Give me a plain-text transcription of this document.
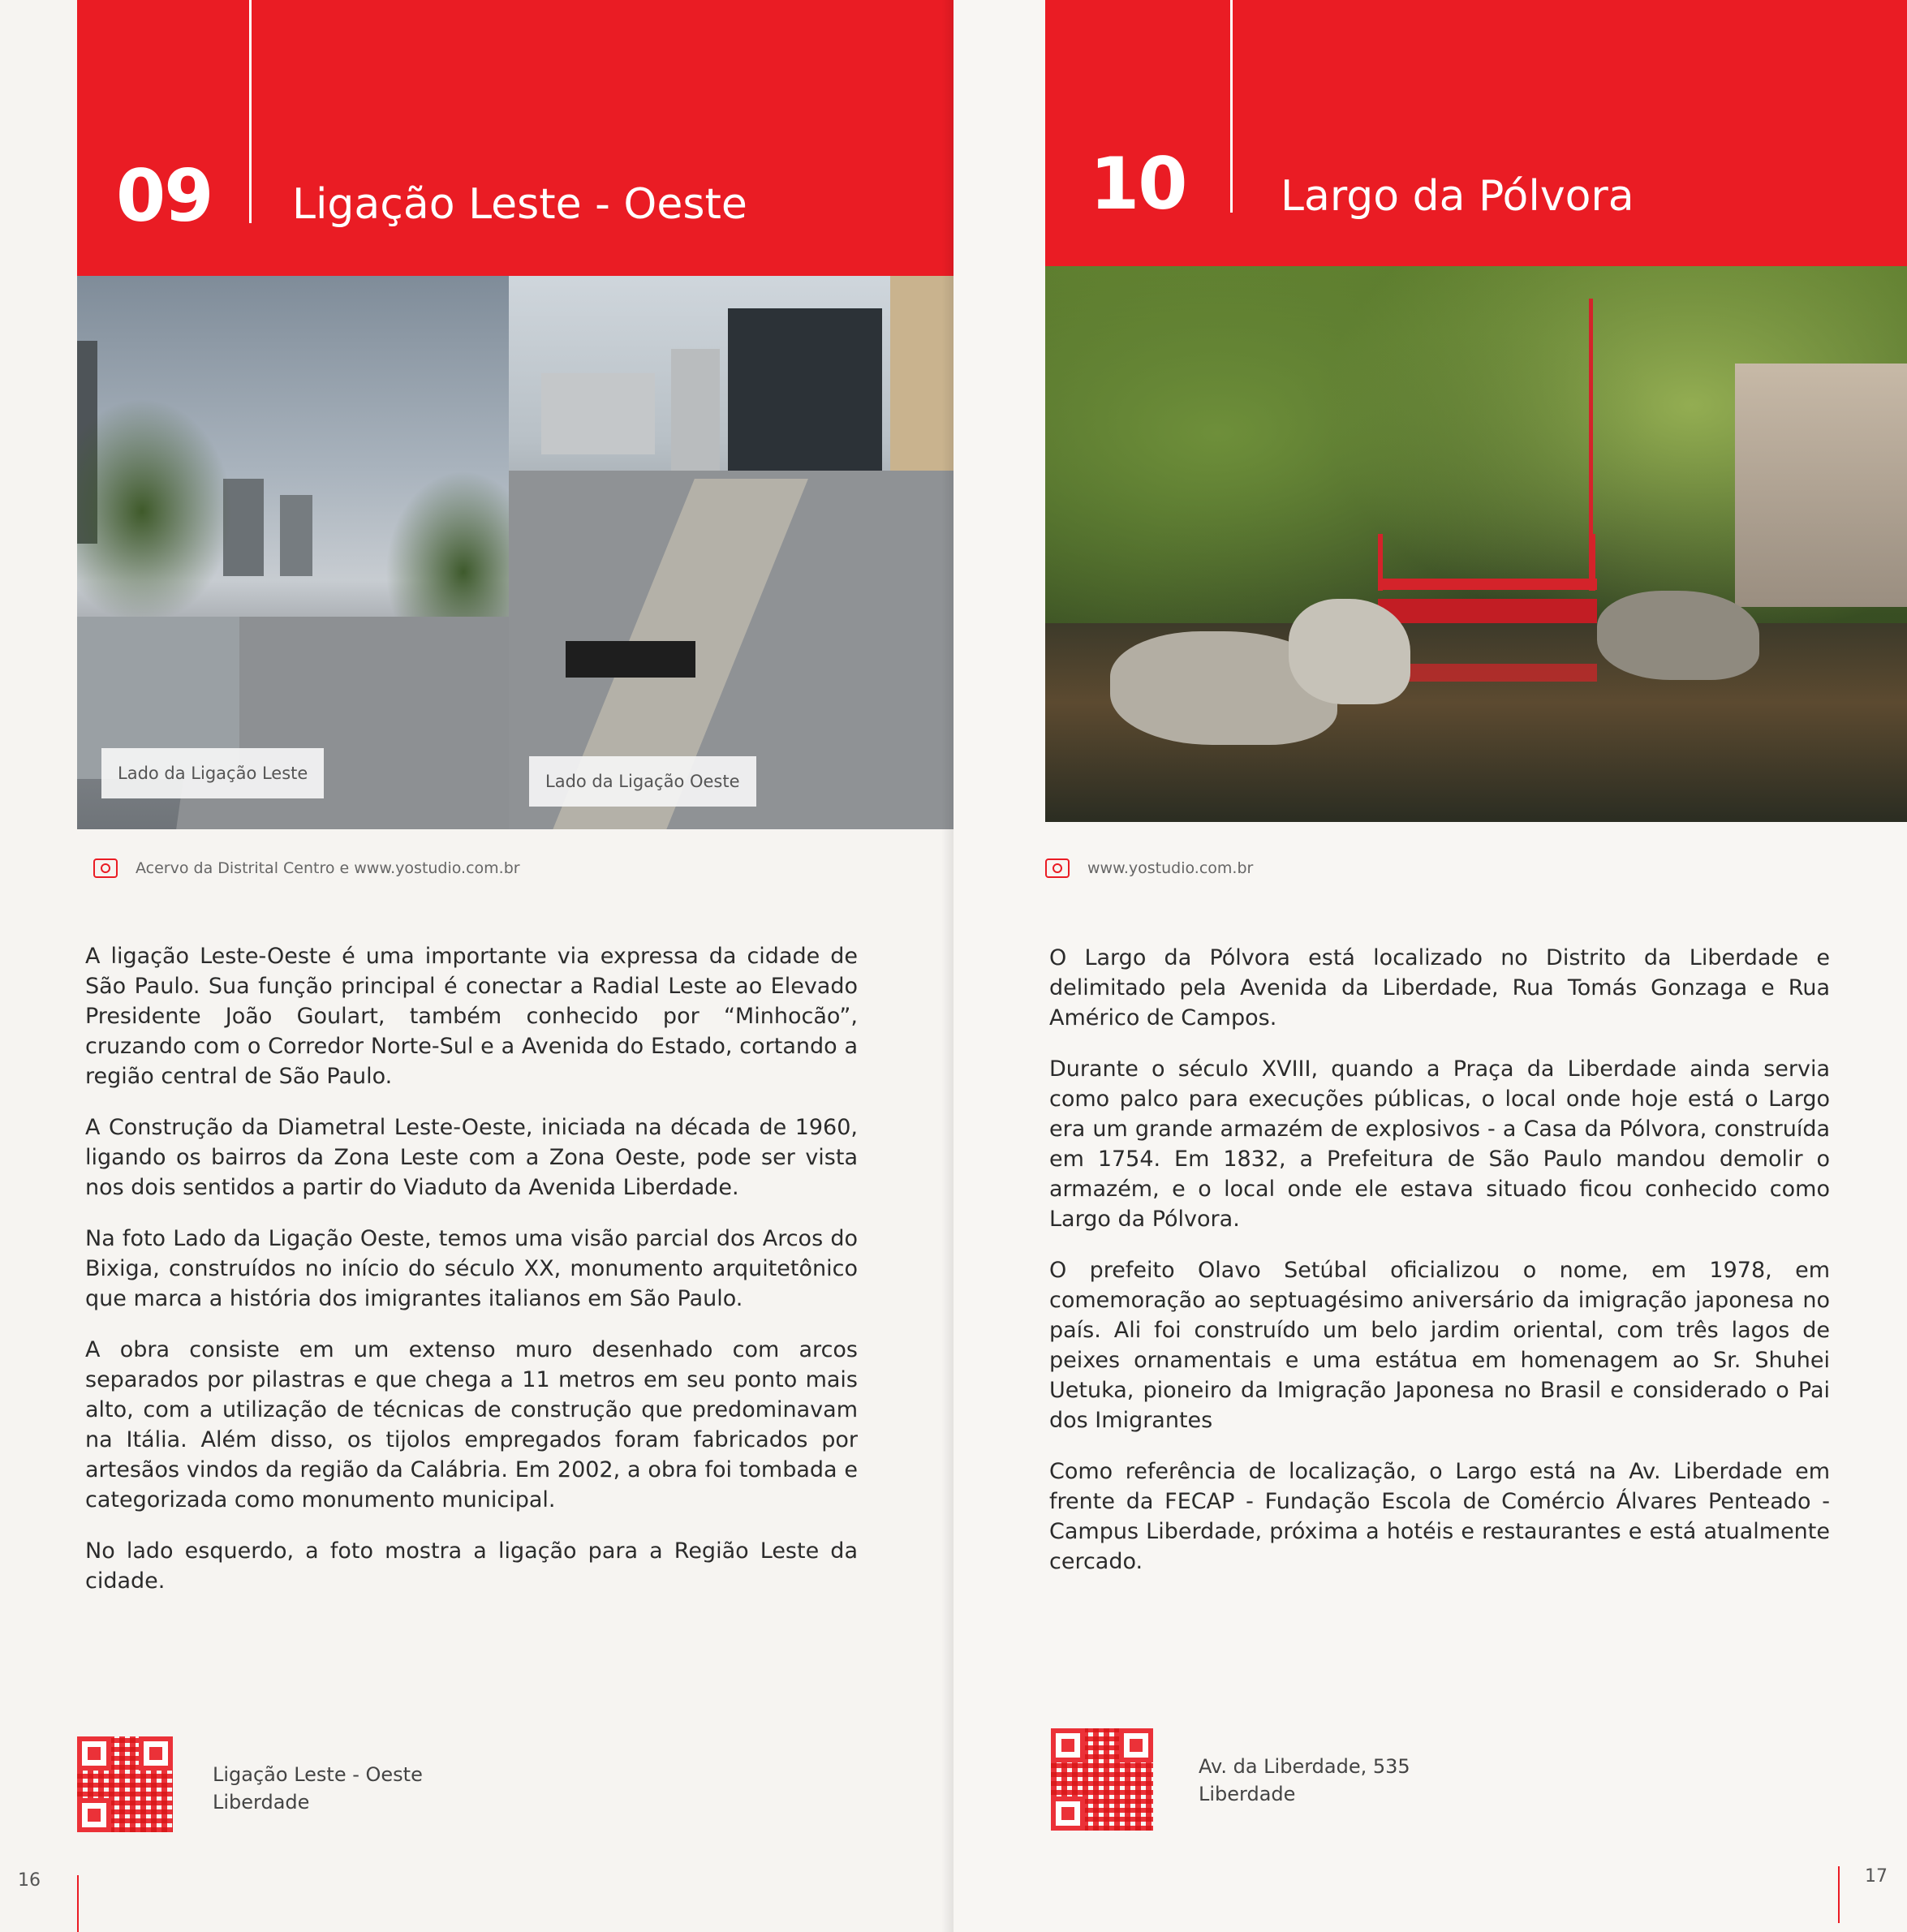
09 Ligação Leste - Oeste
Lado da Ligação Leste	Lado da Ligação Oeste
Acervo da Distrital Centro e www.yostudio.com.br

A ligação Leste-Oeste é uma importante via expressa da cidade de São Paulo. Sua função principal é conectar a Radial Leste ao Elevado Presidente João Goulart, também conhecido por “Minhocão”, cruzando com o Corredor Norte-Sul e a Avenida do Estado, cortando a região central de São Paulo.

A Construção da Diametral Leste-Oeste, iniciada na década de 1960, ligando os bairros da Zona Leste com a Zona Oeste, pode ser vista nos dois sentidos a partir do Viaduto da Avenida Liberdade.

Na foto Lado da Ligação Oeste, temos uma visão parcial dos Arcos do Bixiga, construídos no início do século XX, monumento arquitetônico que marca a história dos imigrantes italianos em São Paulo.

A obra consiste em um extenso muro desenhado com arcos separados por pilastras e que chega a 11 metros em seu ponto mais alto, com a utilização de técnicas de construção que predominavam na Itália. Além disso, os tijolos empregados foram fabricados por artesãos vindos da região da Calábria. Em 2002, a obra foi tombada e categorizada como monumento municipal.

No lado esquerdo, a foto mostra a ligação para a Região Leste da cidade.

Ligação Leste - Oeste
Liberdade
16
10 Largo da Pólvora
www.yostudio.com.br

O Largo da Pólvora está localizado no Distrito da Liberdade e delimitado pela Avenida da Liberdade, Rua Tomás Gonzaga e Rua Américo de Campos.

Durante o século XVIII, quando a Praça da Liberdade ainda servia como palco para execuções públicas, o local onde hoje está o Largo era um grande armazém de explosivos - a Casa da Pólvora, construída em 1754. Em 1832, a Prefeitura de São Paulo mandou demolir o armazém, e o local onde ele estava situado ficou conhecido como Largo da Pólvora.

O prefeito Olavo Setúbal oficializou o nome, em 1978, em comemoração ao septuagésimo aniversário da imigração japonesa no país. Ali foi construído um belo jardim oriental, com três lagos de peixes ornamentais e uma estátua em homenagem ao Sr. Shuhei Uetuka, pioneiro da Imigração Japonesa no Brasil e considerado o Pai dos Imigrantes

Como referência de localização, o Largo está na Av. Liberdade em frente da FECAP - Fundação Escola de Comércio Álvares Penteado - Campus Liberdade, próxima a hotéis e restaurantes e está atualmente cercado.

Av. da Liberdade, 535
Liberdade
17
